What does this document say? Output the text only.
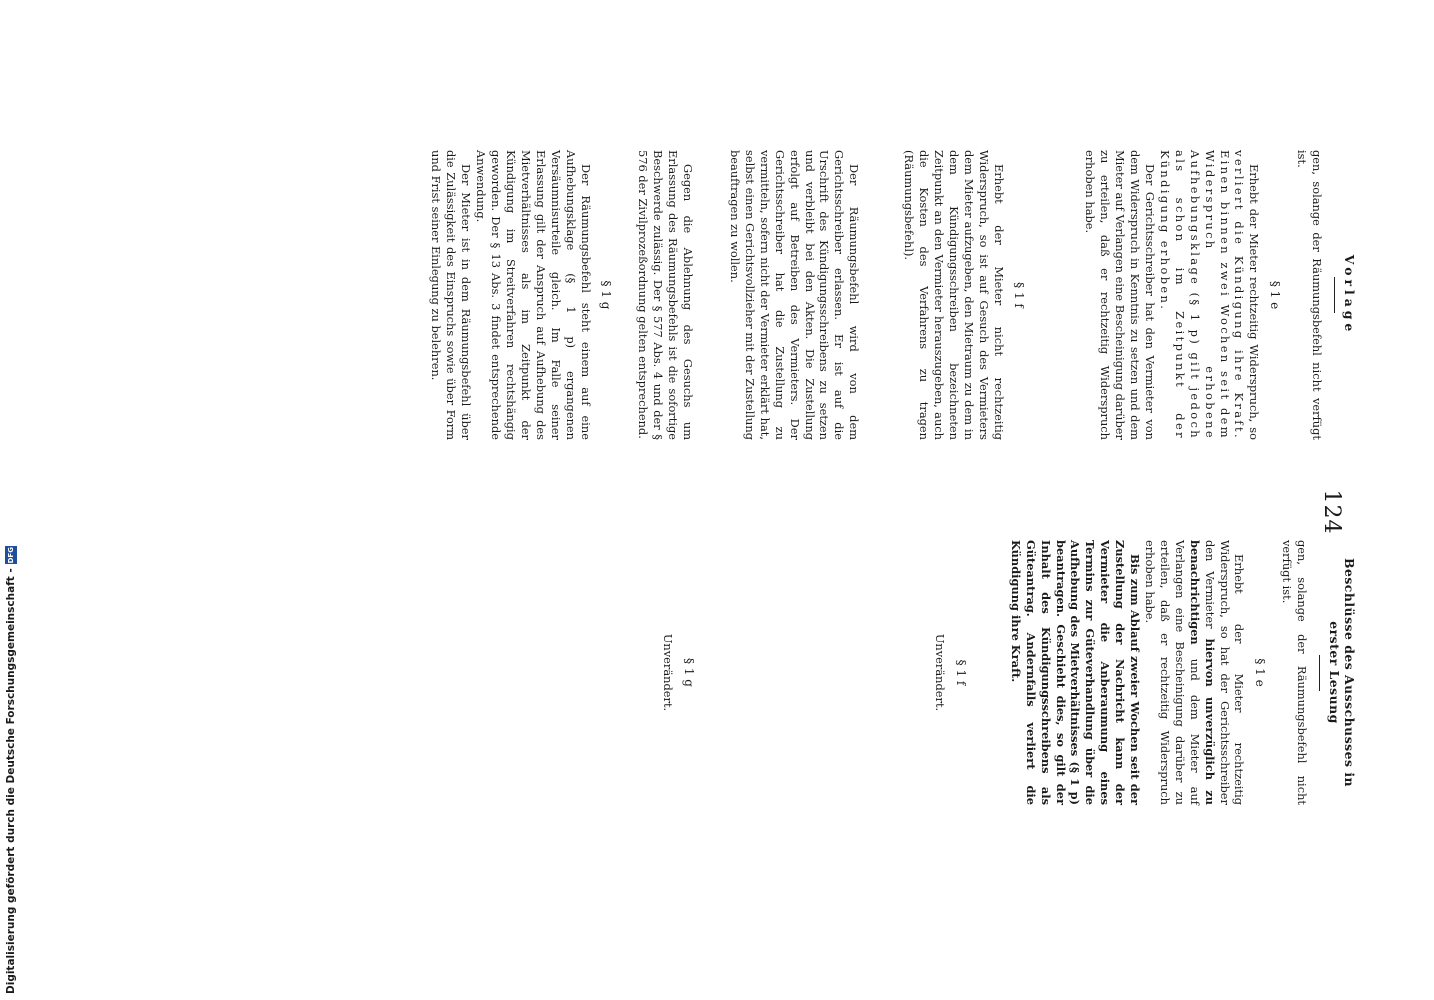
124
Vorlage

gen, solange der Räumungsbefehl nicht verfügt ist.

§ 1 e

Erhebt der Mieter rechtzeitig Widerspruch, so verliert die Kündigung ihre Kraft. Einen binnen zwei Wochen seit dem Widerspruch erhobene Aufhebungsklage (§ 1 p) gilt jedoch als schon im Zeitpunkt der Kündigung erhoben.

Der Gerichtsschreiber hat den Vermieter von dem Widerspruch in Kenntnis zu setzen und dem Mieter auf Verlangen eine Bescheinigung darüber zu erteilen, daß er rechtzeitig Widerspruch erhoben habe.

§ 1 f

Erhebt der Mieter nicht rechtzeitig Widerspruch, so ist auf Gesuch des Vermieters dem Mieter aufzugeben, den Mietraum zu dem in dem Kündigungsschreiben bezeichneten Zeitpunkt an den Vermieter herauszugeben, auch die Kosten des Verfahrens zu tragen (Räumungsbefehl).

Der Räumungsbefehl wird von dem Gerichtsschreiber erlassen. Er ist auf die Urschrift des Kündigungsschreibens zu setzen und verbleibt bei den Akten. Die Zustellung erfolgt auf Betreiben des Vermieters. Der Gerichtsschreiber hat die Zustellung zu vermitteln, sofern nicht der Vermieter erklärt hat, selbst einen Gerichtsvollzieher mit der Zustellung beauftragen zu wollen.

Gegen die Ablehnung des Gesuchs um Erlassung des Räumungsbefehls ist die sofortige Beschwerde zulässig. Der § 577 Abs. 4 und der § 576 der Zivilprozeßordnung gelten entsprechend.

§ 1 g

Der Räumungsbefehl steht einem auf eine Aufhebungsklage (§ 1 p) ergangenen Versäumnisurteile gleich. Im Falle seiner Erlassung gilt der Anspruch auf Aufhebung des Mietverhältnisses als im Zeitpunkt der Kündigung im Streitverfahren rechtshängig geworden. Der § 13 Abs. 3 findet entsprechende Anwendung.

Der Mieter ist in dem Räumungsbefehl über die Zulässigkeit des Einspruchs sowie über Form und Frist seiner Einlegung zu belehren.

Beschlüsse des Ausschusses in erster Lesung

gen, solange der Räumungsbefehl nicht verfügt ist.

§ 1 e

Erhebt der Mieter rechtzeitig Widerspruch, so hat der Gerichtsschreiber den Vermieter hiervon unverzüglich zu benachrichtigen und dem Mieter auf Verlangen eine Bescheinigung darüber zu erteilen, daß er rechtzeitig Widerspruch erhoben habe.

Bis zum Ablauf zweier Wochen seit der Zustellung der Nachricht kann der Vermieter die Anberaumung eines Termins zur Güteverhandlung über die Aufhebung des Mietverhältnisses (§ 1 p) beantragen. Geschieht dies, so gilt der Inhalt des Kündigungsschreibens als Güteantrag. Andernfalls verliert die Kündigung ihre Kraft.

§ 1 f
Unverändert.
§ 1 g
Unverändert.
Digitalisierung gefördert durch die Deutsche Forschungsgemeinschaft -DFG
